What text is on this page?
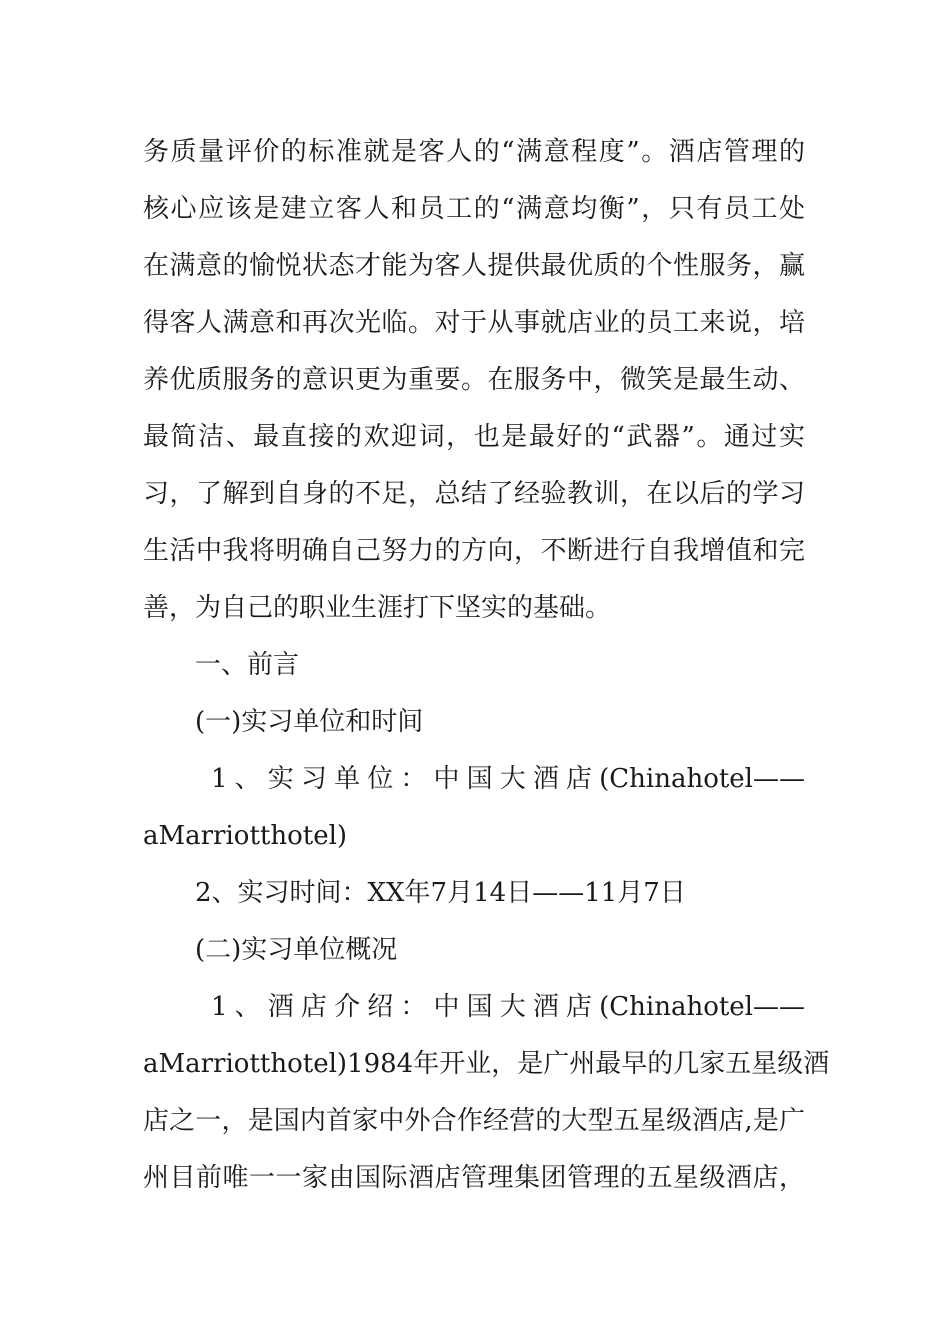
务质量评价的标准就是客人的“满意程度”。酒店管理的
核心应该是建立客人和员工的“满意均衡”，只有员工处
在满意的愉悦状态才能为客人提供最优质的个性服务，赢
得客人满意和再次光临。对于从事就店业的员工来说，培
养优质服务的意识更为重要。在服务中，微笑是最生动、
最简洁、最直接的欢迎词，也是最好的“武器”。通过实
习，了解到自身的不足，总结了经验教训，在以后的学习
生活中我将明确自己努力的方向，不断进行自我增值和完
善，为自己的职业生涯打下坚实的基础。
一、前言
(一)实习单位和时间
1、实习单位：中国大酒店(Chinahotel——
aMarriotthotel)
2、实习时间：XX年7月14日——11月7日
(二)实习单位概况
1、酒店介绍：中国大酒店(Chinahotel——
aMarriotthotel)1984年开业，是广州最早的几家五星级酒
店之一，是国内首家中外合作经营的大型五星级酒店,是广
州目前唯一一家由国际酒店管理集团管理的五星级酒店，
